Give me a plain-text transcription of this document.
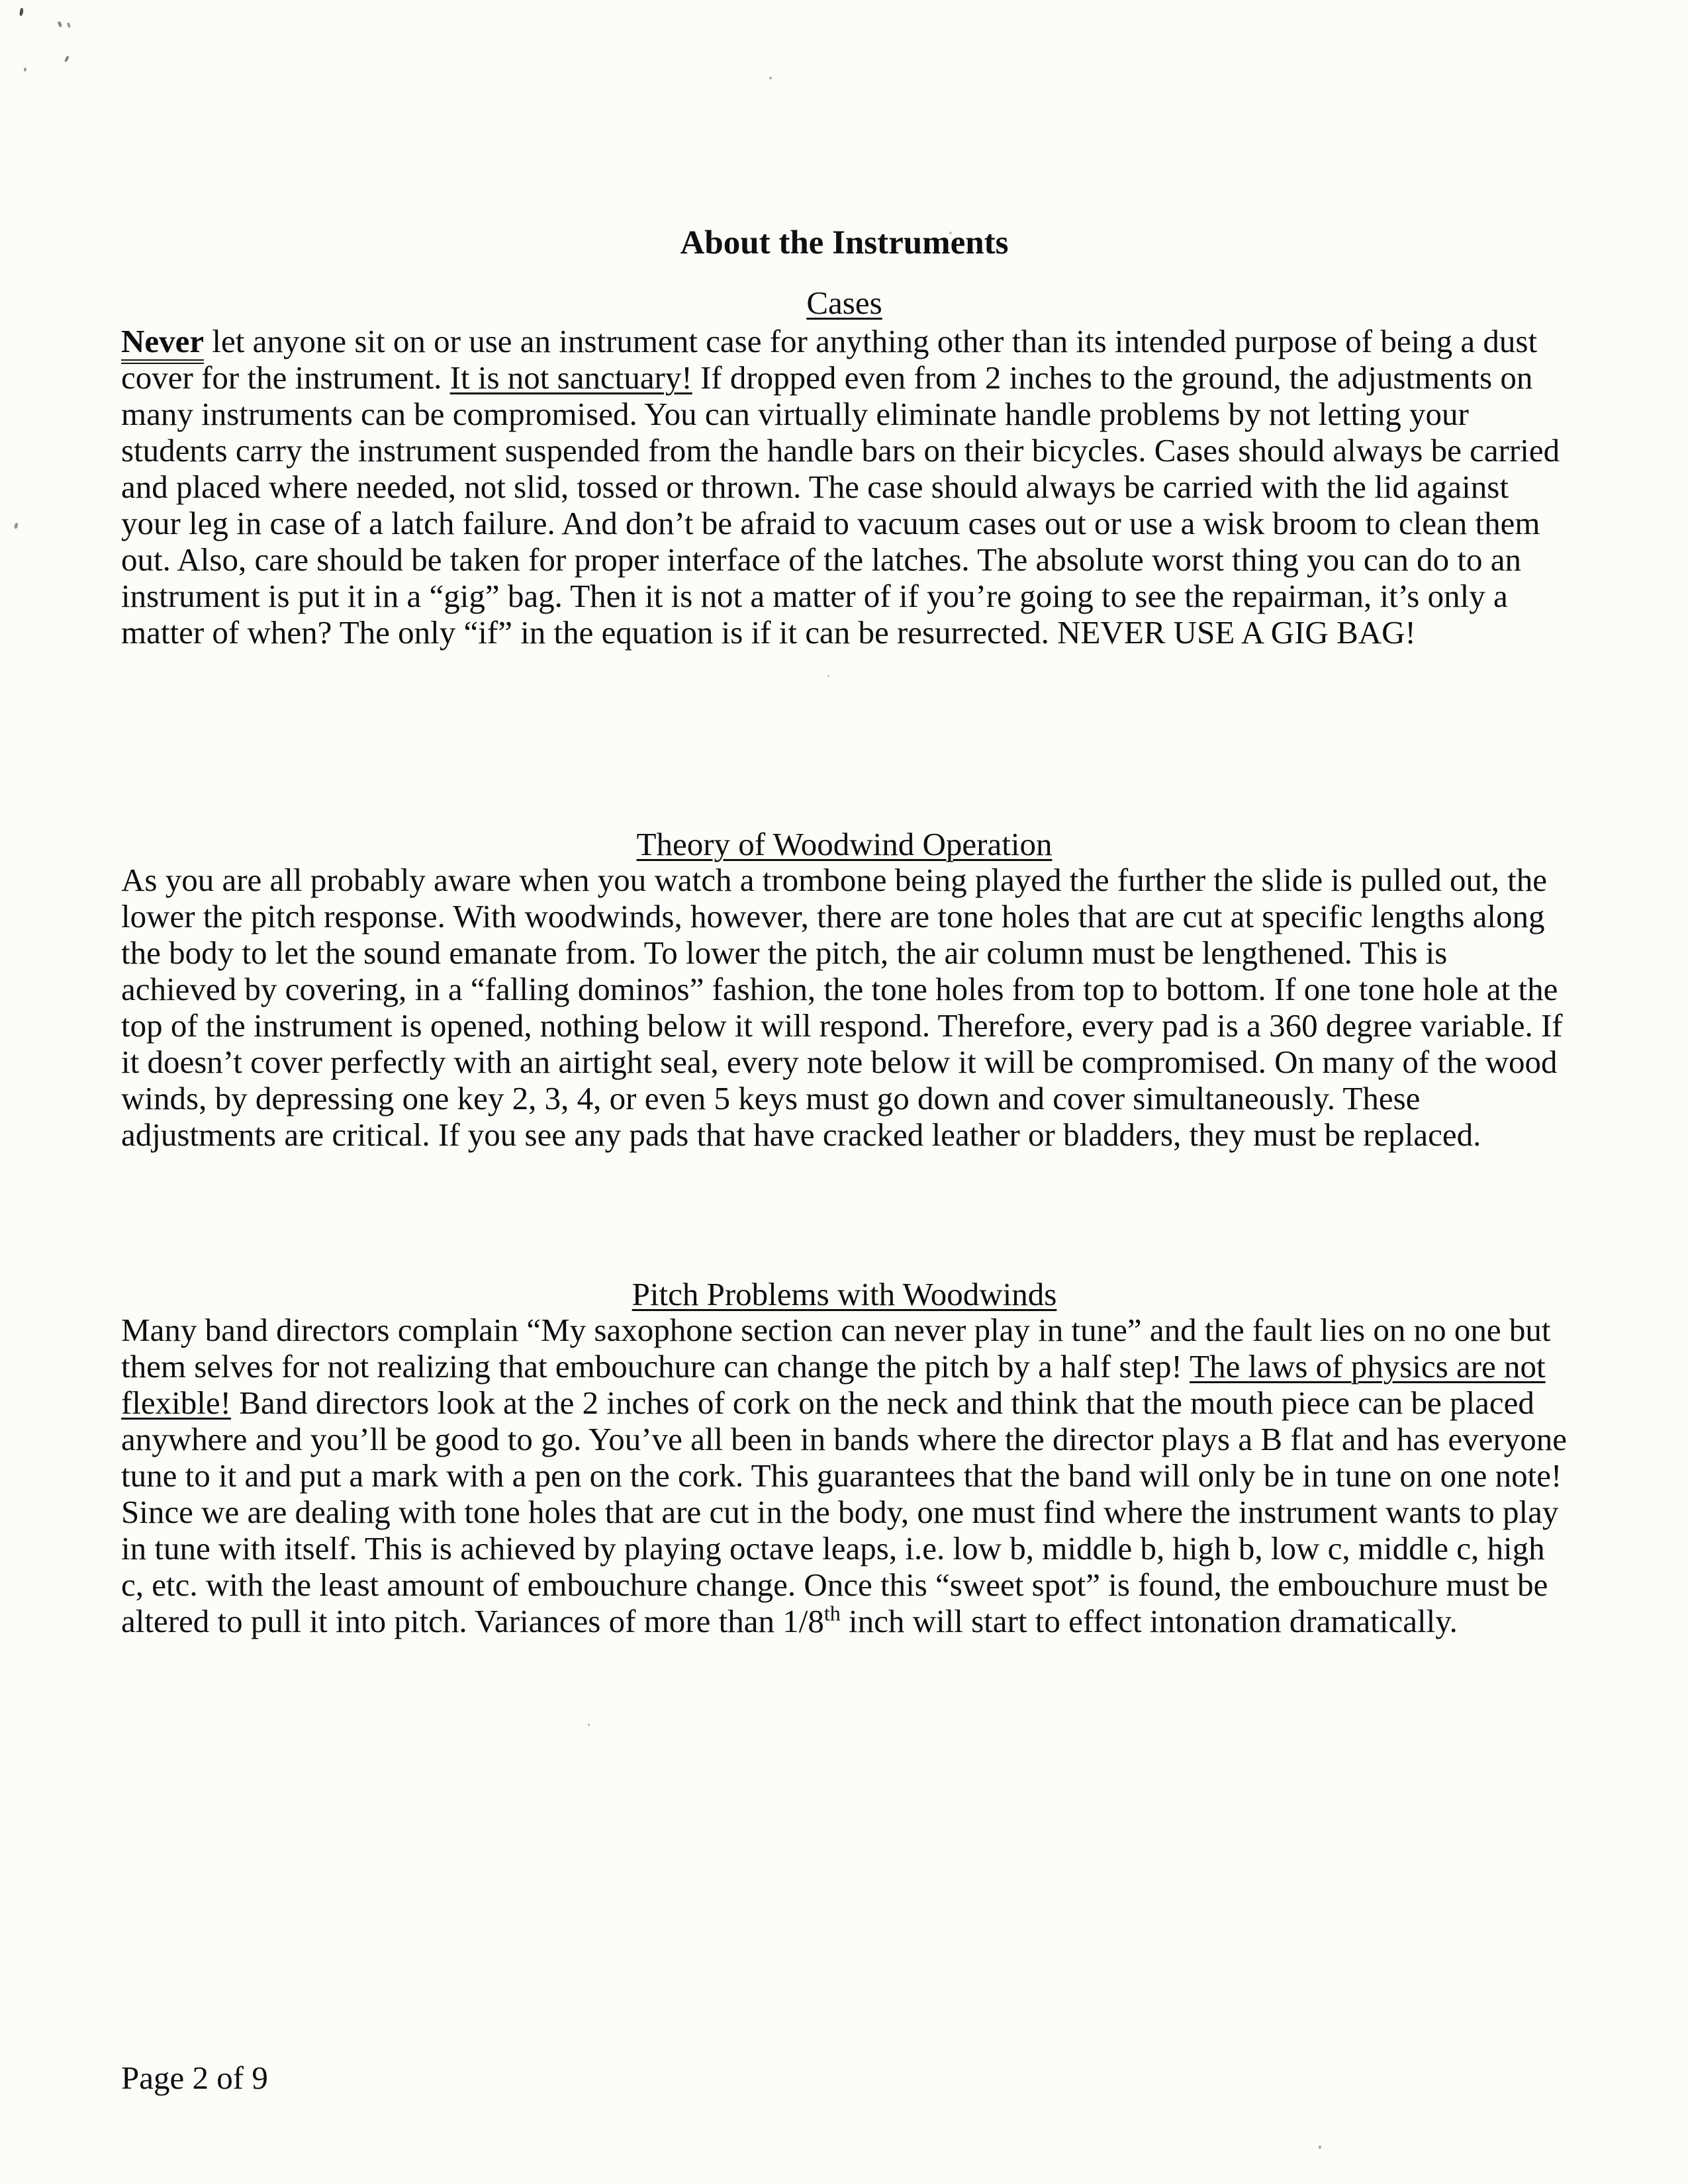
About the Instruments
Cases

Never let anyone sit on or use an instrument case for anything other than its intended purpose of being a dust cover for the instrument. It is not sanctuary! If dropped even from 2 inches to the ground, the adjustments on many instruments can be compromised. You can virtually eliminate handle problems by not letting your students carry the instrument suspended from the handle bars on their bicycles. Cases should always be carried and placed where needed, not slid, tossed or thrown. The case should always be carried with the lid against your leg in case of a latch failure. And don’t be afraid to vacuum cases out or use a wisk broom to clean them out. Also, care should be taken for proper interface of the latches. The absolute worst thing you can do to an instrument is put it in a “gig” bag. Then it is not a matter of if you’re going to see the repairman, it’s only a matter of when? The only “if” in the equation is if it can be resurrected. NEVER USE A GIG BAG!

Theory of Woodwind Operation

As you are all probably aware when you watch a trombone being played the further the slide is pulled out, the lower the pitch response. With woodwinds, however, there are tone holes that are cut at specific lengths along the body to let the sound emanate from. To lower the pitch, the air column must be lengthened. This is achieved by covering, in a “falling dominos” fashion, the tone holes from top to bottom. If one tone hole at the top of the instrument is opened, nothing below it will respond. Therefore, every pad is a 360 degree variable. If it doesn’t cover perfectly with an airtight seal, every note below it will be compromised. On many of the wood winds, by depressing one key 2, 3, 4, or even 5 keys must go down and cover simultaneously. These adjustments are critical. If you see any pads that have cracked leather or bladders, they must be replaced.

Pitch Problems with Woodwinds

Many band directors complain “My saxophone section can never play in tune” and the fault lies on no one but them selves for not realizing that embouchure can change the pitch by a half step! The laws of physics are not flexible! Band directors look at the 2 inches of cork on the neck and think that the mouth piece can be placed anywhere and you’ll be good to go. You’ve all been in bands where the director plays a B flat and has everyone tune to it and put a mark with a pen on the cork. This guarantees that the band will only be in tune on one note! Since we are dealing with tone holes that are cut in the body, one must find where the instrument wants to play in tune with itself. This is achieved by playing octave leaps, i.e. low b, middle b, high b, low c, middle c, high c, etc. with the least amount of embouchure change. Once this “sweet spot” is found, the embouchure must be altered to pull it into pitch. Variances of more than 1/8th inch will start to effect intonation dramatically.

Page 2 of 9
